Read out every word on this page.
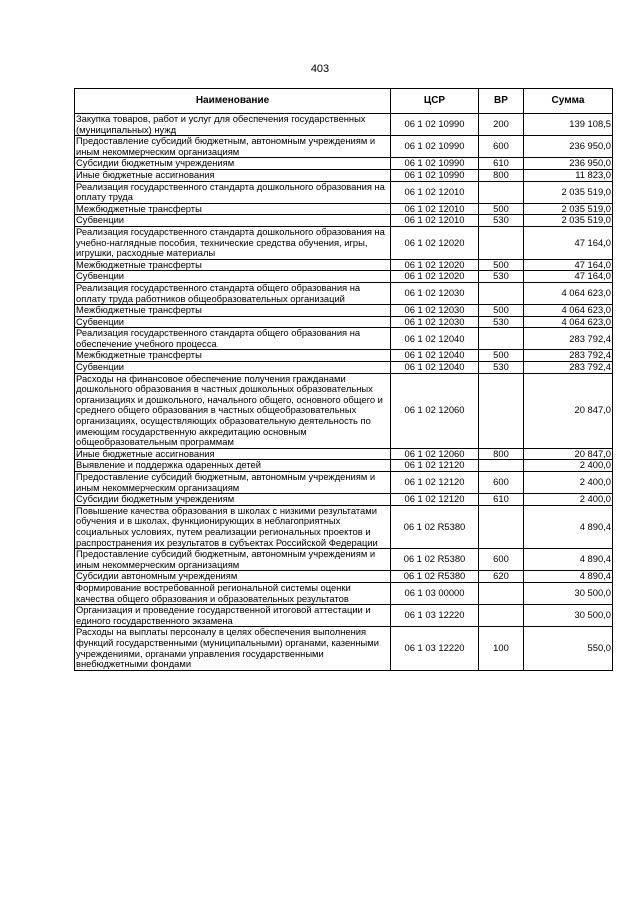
403
Наименование	ЦСР	ВР	Сумма
Закупка товаров, работ и услуг для обеспечения государственных (муниципальных) нужд	06 1 02 10990	200	139 108,5
Предоставление субсидий бюджетным, автономным учреждениям и иным некоммерческим организациям	06 1 02 10990	600	236 950,0
Субсидии бюджетным учреждениям	06 1 02 10990	610	236 950,0
Иные бюджетные ассигнования	06 1 02 10990	800	11 823,0
Реализация государственного стандарта дошкольного образования на оплату труда	06 1 02 12010		2 035 519,0
Межбюджетные трансферты	06 1 02 12010	500	2 035 519,0
Субвенции	06 1 02 12010	530	2 035 519,0
Реализация государственного стандарта дошкольного образования на учебно-наглядные пособия, технические средства обучения, игры, игрушки, расходные материалы	06 1 02 12020		47 164,0
Межбюджетные трансферты	06 1 02 12020	500	47 164,0
Субвенции	06 1 02 12020	530	47 164,0
Реализация государственного стандарта общего образования на оплату труда работников общеобразовательных организаций	06 1 02 12030		4 064 623,0
Межбюджетные трансферты	06 1 02 12030	500	4 064 623,0
Субвенции	06 1 02 12030	530	4 064 623,0
Реализация государственного стандарта общего образования на обеспечение учебного процесса	06 1 02 12040		283 792,4
Межбюджетные трансферты	06 1 02 12040	500	283 792,4
Субвенции	06 1 02 12040	530	283 792,4
Расходы на финансовое обеспечение получения гражданами дошкольного образования в частных дошкольных образовательных организациях и дошкольного, начального общего, основного общего и среднего общего образования в частных общеобразовательных организациях, осуществляющих образовательную деятельность по имеющим государственную аккредитацию основным общеобразовательным программам	06 1 02 12060		20 847,0
Иные бюджетные ассигнования	06 1 02 12060	800	20 847,0
Выявление и поддержка одаренных детей	06 1 02 12120		2 400,0
Предоставление субсидий бюджетным, автономным учреждениям и иным некоммерческим организациям	06 1 02 12120	600	2 400,0
Субсидии бюджетным учреждениям	06 1 02 12120	610	2 400,0
Повышение качества образования в школах с низкими результатами обучения и в школах, функционирующих в неблагоприятных социальных условиях, путем реализации региональных проектов и распространения их результатов в субъектах Российской Федерации	06 1 02 R5380		4 890,4
Предоставление субсидий бюджетным, автономным учреждениям и иным некоммерческим организациям	06 1 02 R5380	600	4 890,4
Субсидии автономным учреждениям	06 1 02 R5380	620	4 890,4
Формирование востребованной региональной системы оценки качества общего образования и образовательных результатов	06 1 03 00000		30 500,0
Организация и проведение государственной итоговой аттестации и единого государственного экзамена	06 1 03 12220		30 500,0
Расходы на выплаты персоналу в целях обеспечения выполнения функций государственными (муниципальными) органами, казенными учреждениями, органами управления государственными внебюджетными фондами	06 1 03 12220	100	550,0
